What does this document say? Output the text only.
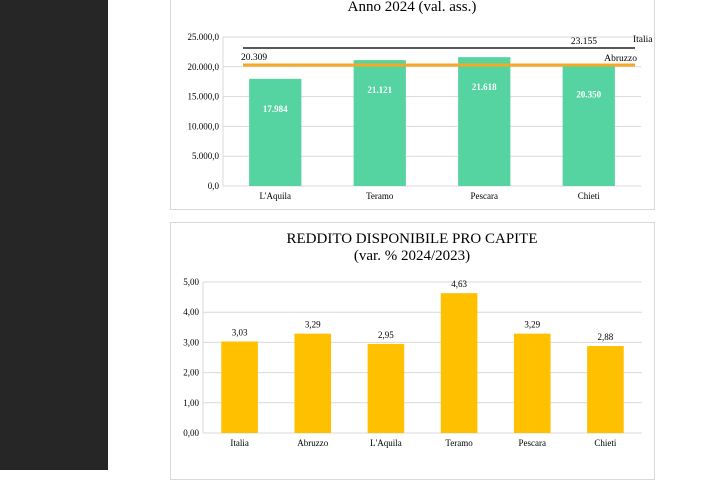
Anno 2024 (val. ass.)
0,0
5.000,0
10.000,0
15.000,0
20.000,0
25.000,0
L'Aquila
17.984
Teramo
21.121
Pescara
21.618
Chieti
20.350
23.155	Italia
20.309	Abruzzo
REDDITO DISPONIBILE PRO CAPITE
(var. % 2024/2023)
0,00
1,00
2,00
3,00
4,00
5,00
Italia
3,03
Abruzzo
3,29
L'Aquila
2,95
Teramo
4,63
Pescara
3,29
Chieti
2,88
